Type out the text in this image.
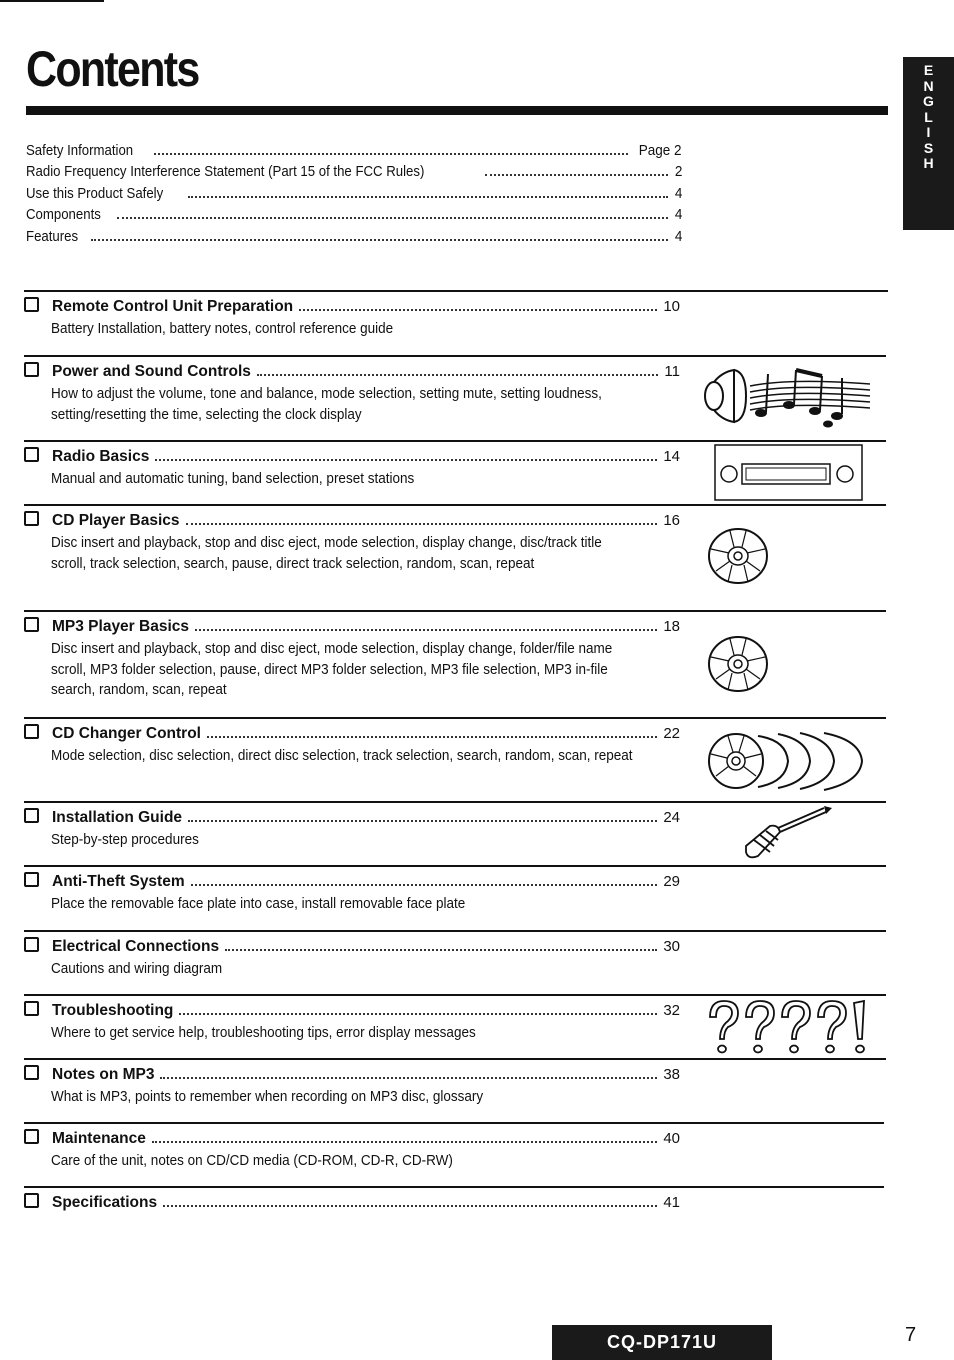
Contents	E
N
G
L
I
S
H
Safety Information	Page 2
Radio Frequency Interference Statement (Part 15 of the FCC Rules)	2
Use this Product Safely	4
Components	4
Features	4
Remote Control Unit Preparation	10
Battery Installation, battery notes, control reference guide
Power and Sound Controls	11
How to adjust the volume, tone and balance, mode selection, setting mute, setting loudness, setting/resetting the time, selecting the clock display
Radio Basics	14
Manual and automatic tuning, band selection, preset stations
CD Player Basics	16
Disc insert and playback, stop and disc eject, mode selection, display change, disc/track title scroll, track selection, search, pause, direct track selection, random, scan, repeat
MP3 Player Basics	18
Disc insert and playback, stop and disc eject, mode selection, display change, folder/file name scroll, MP3 folder selection, pause, direct MP3 folder selection, MP3 file selection, MP3 in-file search, random, scan, repeat
CD Changer Control	22
Mode selection, disc selection, direct disc selection, track selection, search, random, scan, repeat
Installation Guide	24
Step-by-step procedures
Anti-Theft System	29
Place the removable face plate into case, install removable face plate
Electrical Connections	30
Cautions and wiring diagram
Troubleshooting	32
Where to get service help, troubleshooting tips, error display messages
Notes on MP3	38
What is MP3, points to remember when recording on MP3 disc, glossary
Maintenance	40
Care of the unit, notes on CD/CD media (CD-ROM, CD-R, CD-RW)
Specifications	41
CQ-DP171U	7
